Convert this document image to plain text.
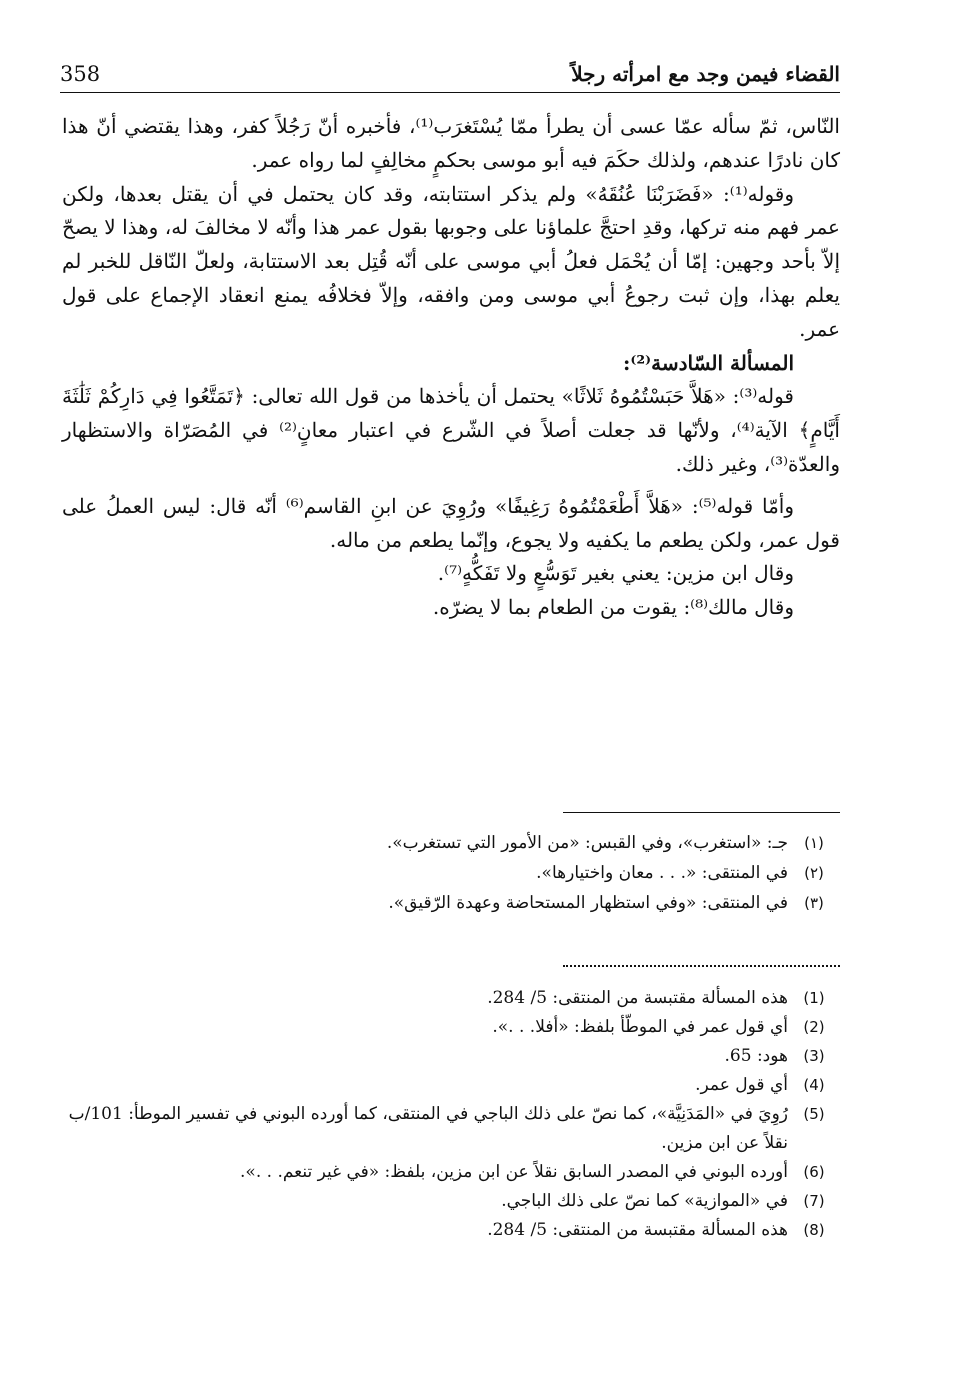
358	القضاء فيمن وجد مع امرأته رجلاً

النّاس، ثمّ سأله عمّا عسى أن يطرأ ممّا يُسْتَغرَب⁽¹⁾، فأخبره أنّ رَجُلاً كفر، وهذا يقتضي أنّ هذا كان نادرًا عندهم، ولذلك حكَمَ فيه أبو موسى بحكمٍ مخالِفٍ لما رواه عمر.

وقوله⁽¹⁾: «فَضَرَبْنَا عُنُقَهُ» ولم يذكر استتابته، وقد كان يحتمل في أن يقتل بعدها، ولكن عمر فهم منه تركها، وقدِ احتجَّ علماؤنا على وجوبها بقول عمر هذا وأنّه لا مخالفَ له، وهذا لا يصحّ إلاّ بأحد وجهين: إمّا أن يُحْمَل فعلُ أبي موسى على أنّه قُتِل بعد الاستتابة، ولعلّ النّاقل للخبر لم يعلم بهذا، وإن ثبت رجوعُ أبي موسى ومن وافقه، وإلاّ فخلافُه يمنع انعقاد الإجماع على قول عمر.

المسألة السّادسة⁽²⁾:

قوله⁽³⁾: «هَلاَّ حَبَسْتُمُوهُ ثَلاثًا» يحتمل أن يأخذها من قول الله تعالى: ﴿تَمَتَّعُوا فِي دَارِكُمْ ثَلَٰثَةَ أَيَّامٍ﴾ الآية⁽⁴⁾، ولأنّها قد جعلت أصلاً في الشّرع في اعتبار معانٍ⁽²⁾ في المُصَرّاة والاستظهار والعدّة⁽³⁾، وغير ذلك.

وأمّا قوله⁽⁵⁾: «هَلاَّ أَطْعَمْتُمُوهُ رَغِيفًا» ورُوِيَ عن ابنِ القاسم⁽⁶⁾ أنّه قال: ليس العملُ على قول عمر، ولكن يطعم ما يكفيه ولا يجوع، وإنّما يطعم من ماله.

وقال ابن مزين: يعني بغير تَوَسُّعٍ ولا تَفَكُّهٍ⁽⁷⁾.

وقال مالك⁽⁸⁾: يقوت من الطعام بما لا يضرّه.

(١)
جـ: «استغرب»، وفي القبس: «من الأمور التي تستغرب».
(٢)
في المنتقى: «. . . معان واختيارها».
(٣)
في المنتقى: «وفي استظهار المستحاضة وعهدة الرّقيق».
(1)
هذه المسألة مقتبسة من المنتقى: 5/ 284.
(2)
أي قول عمر في الموطّأ بلفظ: «أفلا. . .».
(3)
هود: 65.
(4)
أي قول عمر.
(5)
رُوِيَ في «المَدَنِيَّة»، كما نصّ على ذلك الباجي في المنتقى، كما أورده البوني في تفسير الموطأ: 101/ب نقلاً عن ابن مزين.
(6)
أورده البوني في المصدر السابق نقلاً عن ابن مزين، بلفظ: «في غير تنعم. . .».
(7)
في «الموازية» كما نصّ على ذلك الباجي.
(8)
هذه المسألة مقتبسة من المنتقى: 5/ 284.
